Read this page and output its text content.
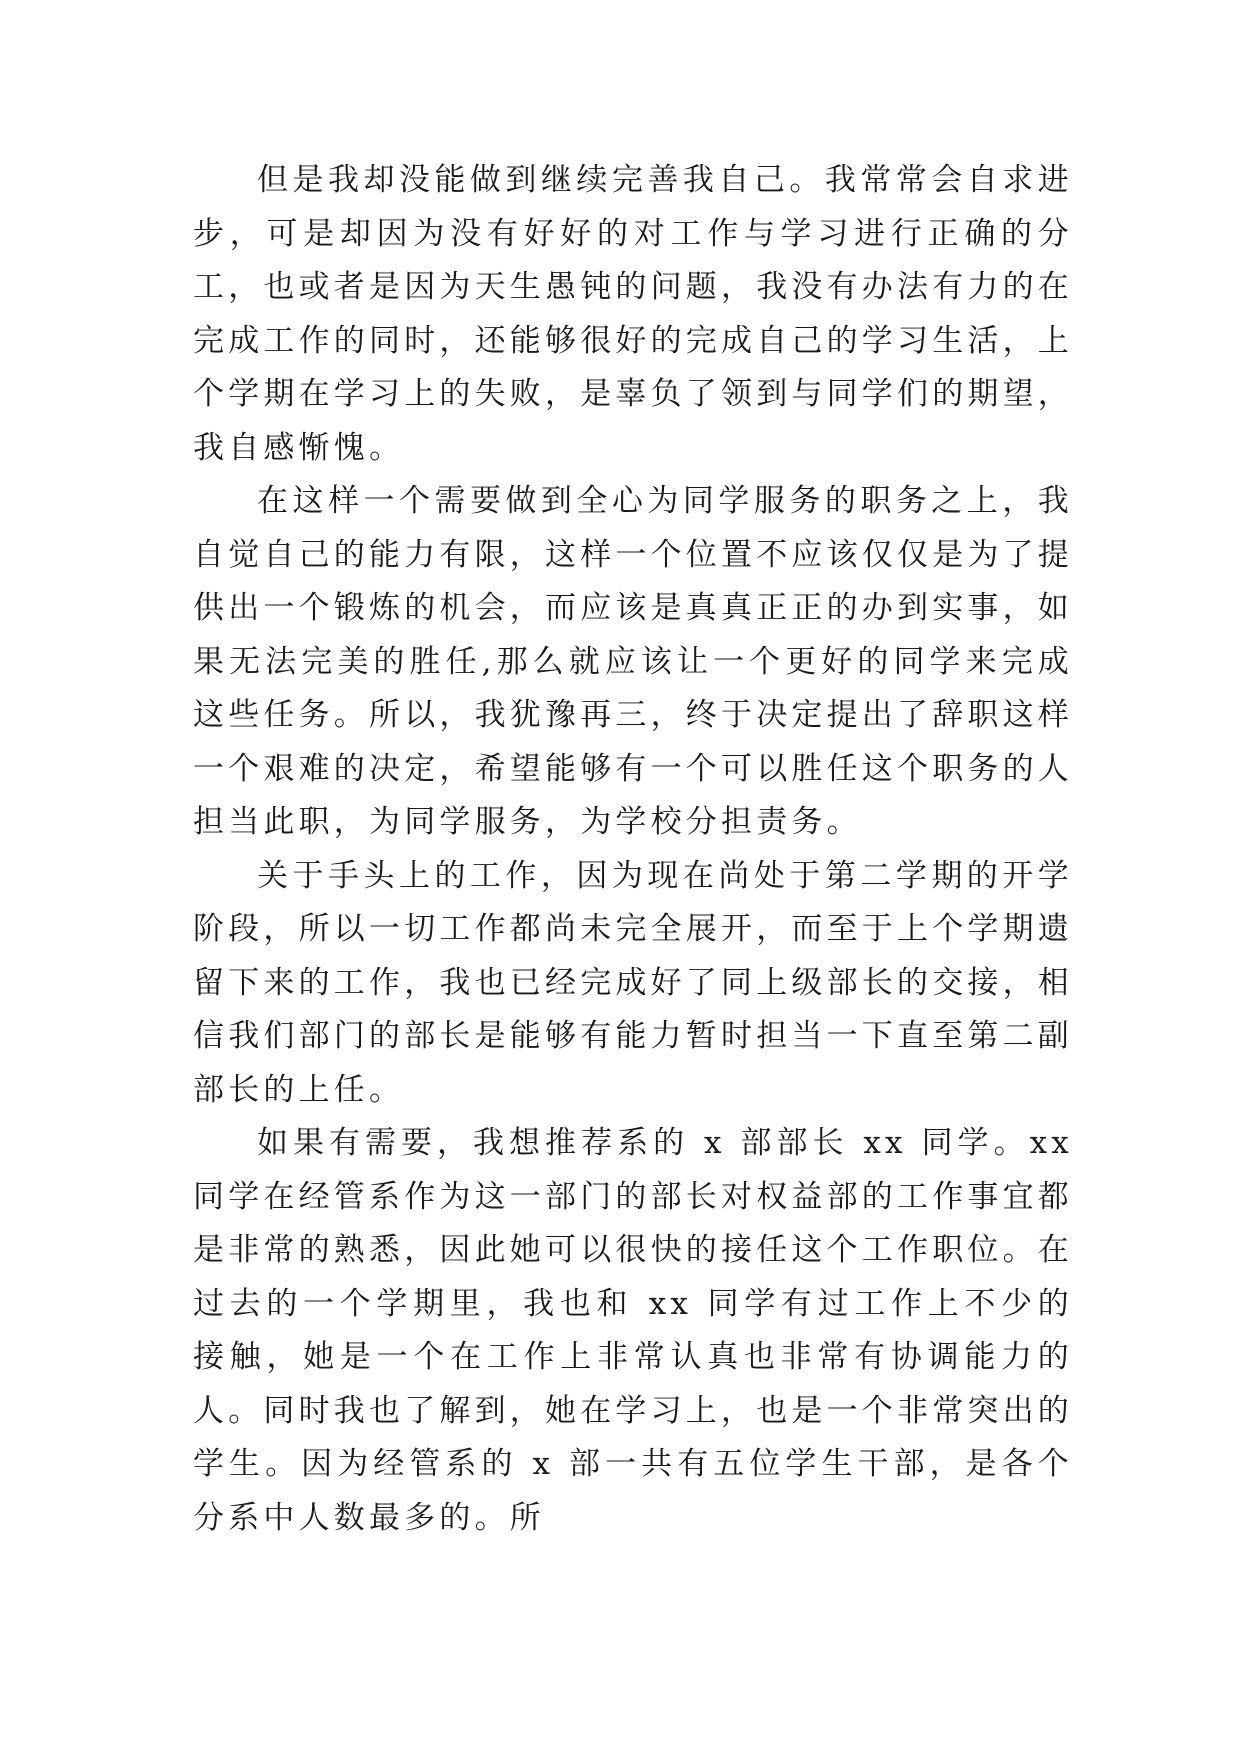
但是我却没能做到继续完善我自己。我常常会自求进步，可是却因为没有好好的对工作与学习进行正确的分工，也或者是因为天生愚钝的问题，我没有办法有力的在完成工作的同时，还能够很好的完成自己的学习生活，上个学期在学习上的失败，是辜负了领到与同学们的期望，我自感惭愧。

在这样一个需要做到全心为同学服务的职务之上，我自觉自己的能力有限，这样一个位置不应该仅仅是为了提供出一个锻炼的机会，而应该是真真正正的办到实事，如果无法完美的胜任,那么就应该让一个更好的同学来完成这些任务。所以，我犹豫再三，终于决定提出了辞职这样一个艰难的决定，希望能够有一个可以胜任这个职务的人担当此职，为同学服务，为学校分担责务。

关于手头上的工作，因为现在尚处于第二学期的开学阶段，所以一切工作都尚未完全展开，而至于上个学期遗留下来的工作，我也已经完成好了同上级部长的交接，相信我们部门的部长是能够有能力暂时担当一下直至第二副部长的上任。

如果有需要，我想推荐系的 x 部部长 xx 同学。xx 同学在经管系作为这一部门的部长对权益部的工作事宜都是非常的熟悉，因此她可以很快的接任这个工作职位。在过去的一个学期里，我也和 xx 同学有过工作上不少的接触，她是一个在工作上非常认真也非常有协调能力的人。同时我也了解到，她在学习上，也是一个非常突出的学生。因为经管系的 x 部一共有五位学生干部，是各个分系中人数最多的。所
